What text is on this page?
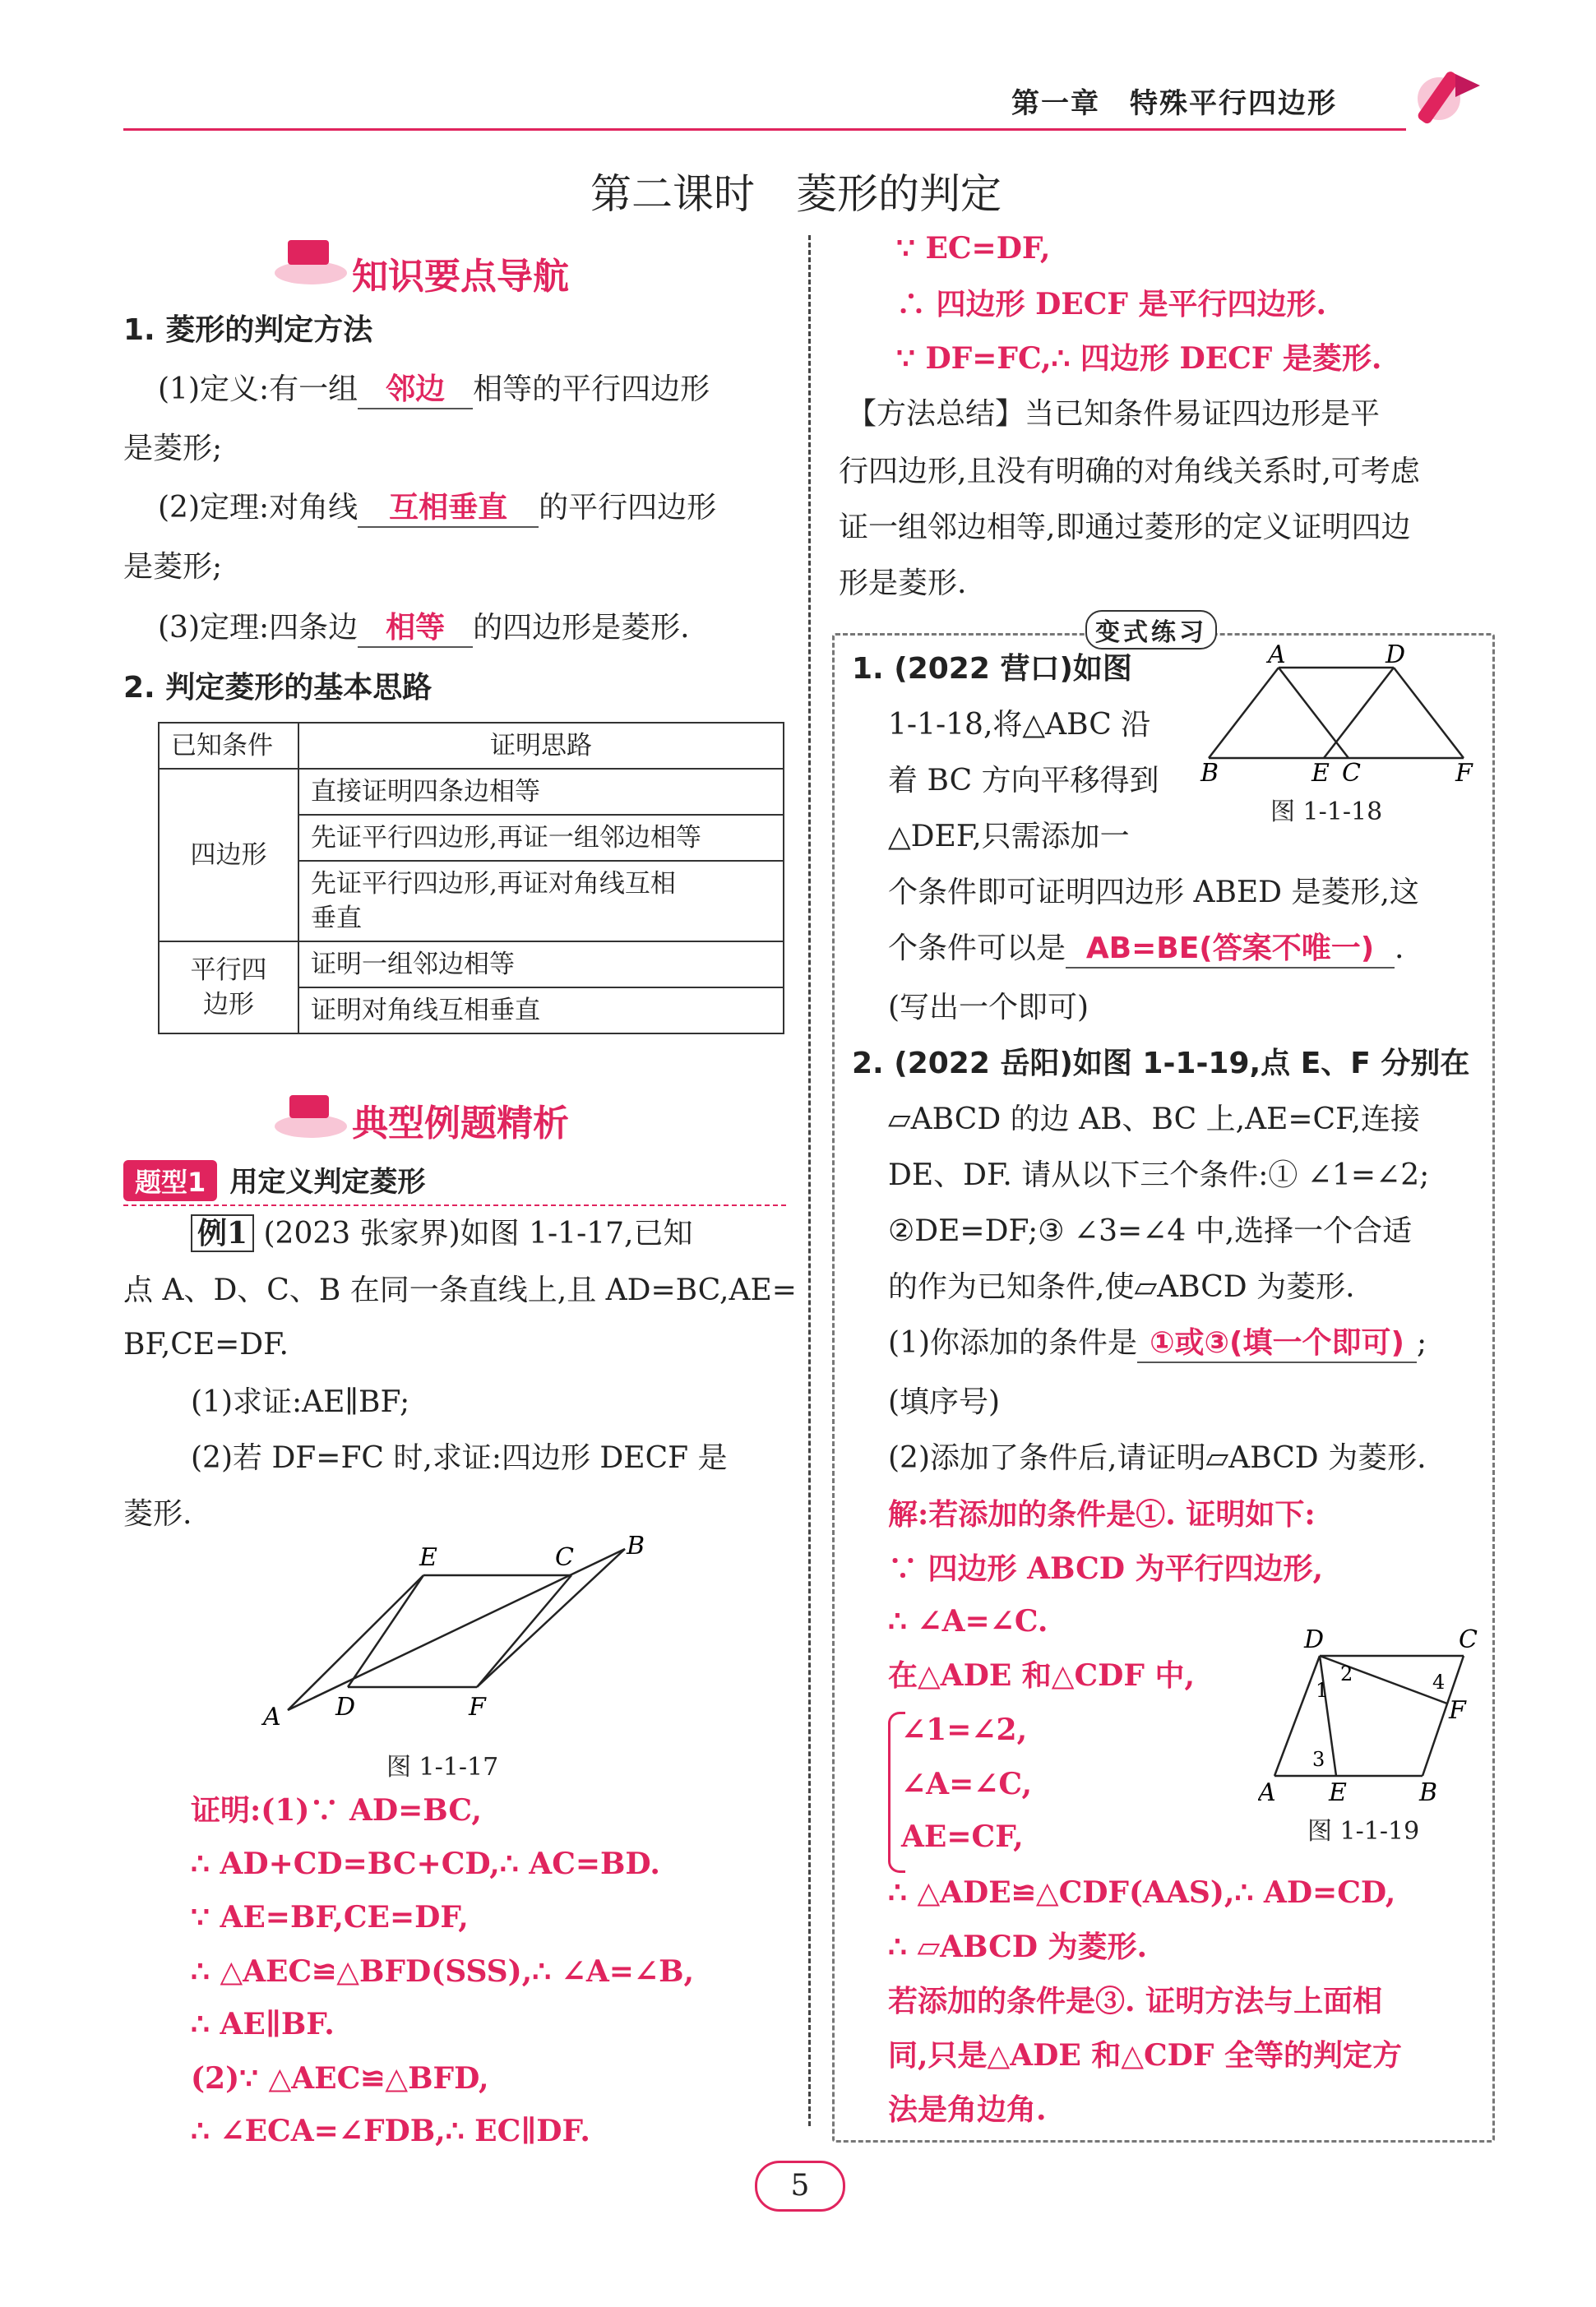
第一章　特殊平行四边形
第二课时　菱形的判定
知识要点导航
1. 菱形的判定方法
(1)定义:有一组 邻边 相等的平行四边形
是菱形;
(2)定理:对角线 互相垂直 的平行四边形
是菱形;
(3)定理:四条边 相等 的四边形是菱形.
2. 判定菱形的基本思路
已知条件	证明思路
四边形	直接证明四条边相等
	先证平行四边形,再证一组邻边相等
	先证平行四边形,再证对角线互相
垂直
平行四
边形	证明一组邻边相等
	证明对角线互相垂直
典型例题精析
题型1 用定义判定菱形
例1 (2023 张家界)如图 1-1-17,已知
点 A、D、C、B 在同一条直线上,且 AD=BC,AE=
BF,CE=DF.
(1)求证:AE∥BF;
(2)若 DF=FC 时,求证:四边形 DECF 是
菱形.
A D	F
E	C B
图 1-1-17
证明:(1)∵ AD=BC,
∴ AD+CD=BC+CD,∴ AC=BD.
∵ AE=BF,CE=DF,
∴ △AEC≌△BFD(SSS),∴ ∠A=∠B,
∴ AE∥BF.
(2)∵ △AEC≌△BFD,
∴ ∠ECA=∠FDB,∴ EC∥DF.
∵ EC=DF,
∴ 四边形 DECF 是平行四边形.
∵ DF=FC,∴ 四边形 DECF 是菱形.
【方法总结】当已知条件易证四边形是平
行四边形,且没有明确的对角线关系时,可考虑
证一组邻边相等,即通过菱形的定义证明四边
形是菱形.
变式练习
1. (2022 营口)如图
1-1-18,将△ABC 沿
着 BC 方向平移得到
△DEF,只需添加一
个条件即可证明四边形 ABED 是菱形,这
个条件可以是 AB=BE(答案不唯一) .
(写出一个即可)
A	D
B	E C	F
图 1-1-18
2. (2022 岳阳)如图 1-1-19,点 E、F 分别在
▱ABCD 的边 AB、BC 上,AE=CF,连接
DE、DF. 请从以下三个条件:① ∠1=∠2;
②DE=DF;③ ∠3=∠4 中,选择一个合适
的作为已知条件,使▱ABCD 为菱形.
(1)你添加的条件是 ①或③(填一个即可) ;
(填序号)
(2)添加了条件后,请证明▱ABCD 为菱形.
解:若添加的条件是①. 证明如下:
∵ 四边形 ABCD 为平行四边形,
∴ ∠A=∠C.
在△ADE 和△CDF 中,
∠1=∠2,
∠A=∠C,
AE=CF,
∴ △ADE≌△CDF(AAS),∴ AD=CD,
∴ ▱ABCD 为菱形.
若添加的条件是③. 证明方法与上面相
同,只是△ADE 和△CDF 全等的判定方
法是角边角.
D	C
A E	B
F
1
2
3
4
图 1-1-19
5
